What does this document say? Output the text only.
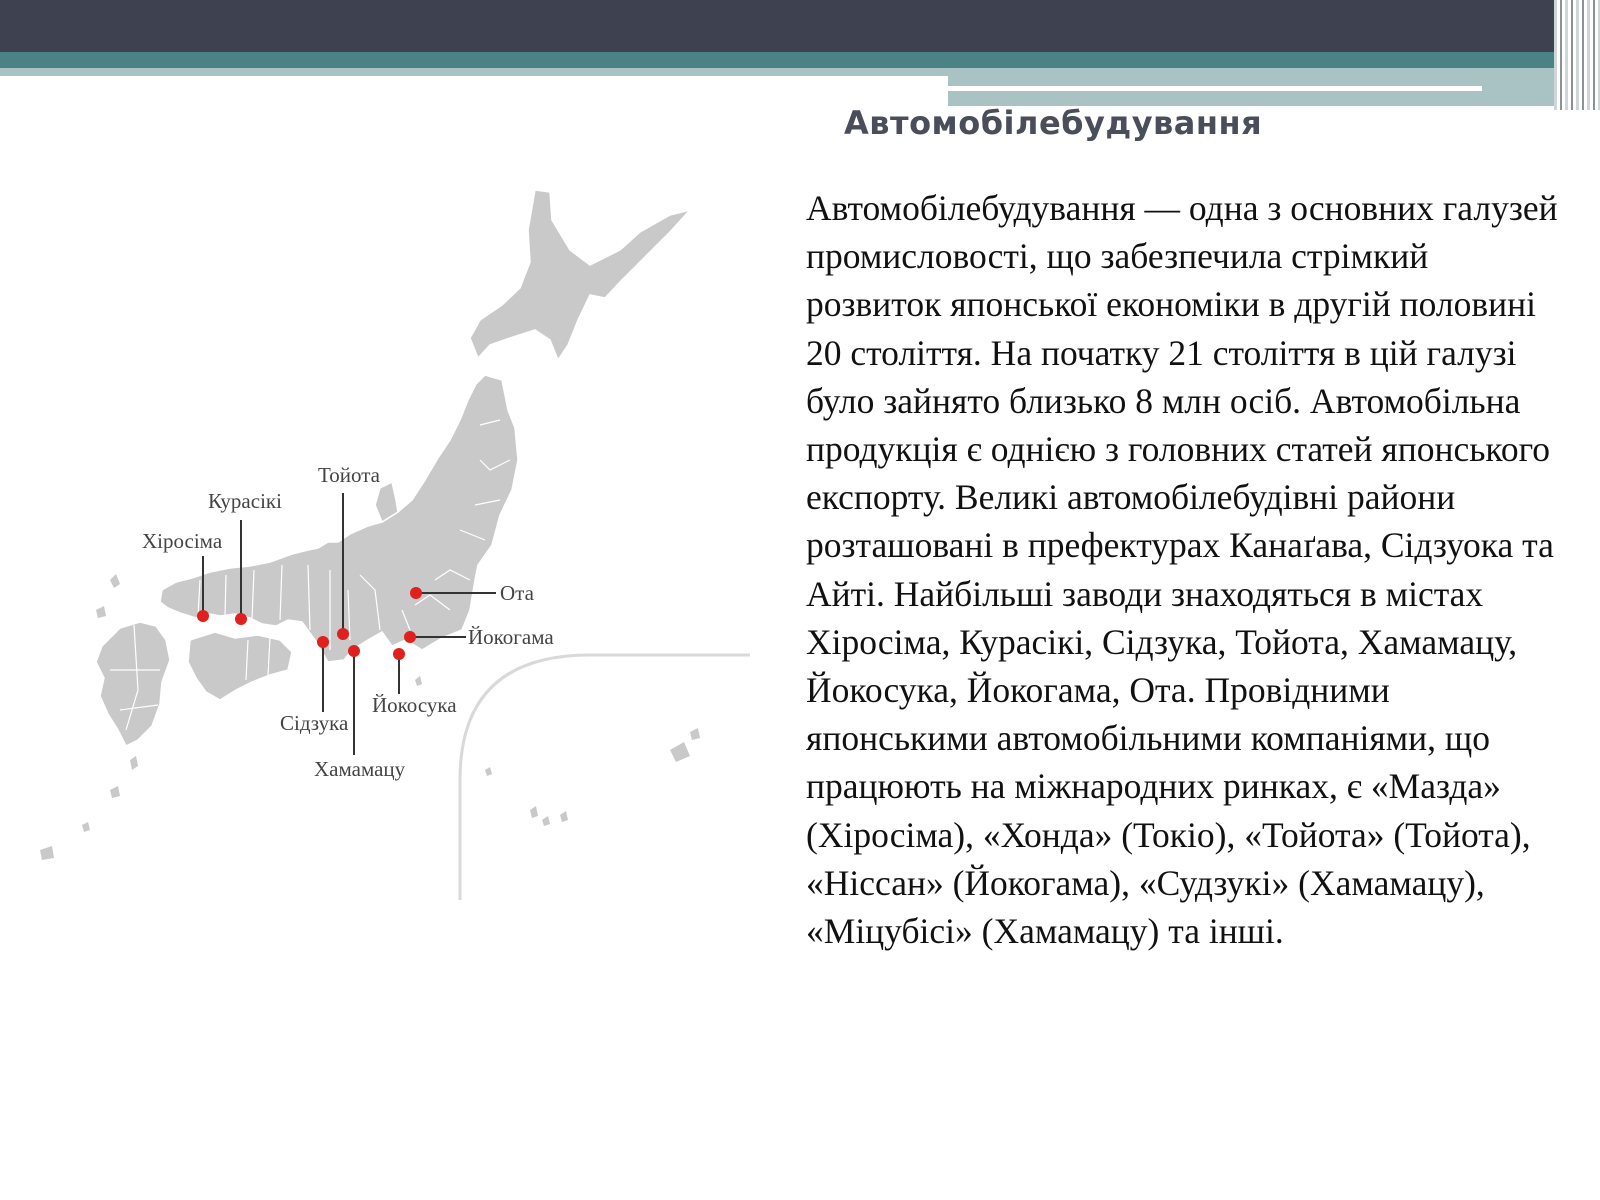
Автомобілебудування

Автомобілебудування — одна з основних галузей промисловості, що забезпечила стрімкий розвиток японської економіки в другій половині 20 століття. На початку 21 століття в цій галузі було зайнято близько 8 млн осіб. Автомобільна продукція є однією з головних статей японського експорту. Великі автомобілебудівні райони розташовані в префектурах Канаґава, Сідзуока та Айті. Найбільші заводи знаходяться в містах Хіросіма, Курасікі, Сідзука, Тойота, Хамамацу, Йокосука, Йокогама, Ота. Провідними японськими автомобільними компаніями, що працюють на міжнародних ринках, є «Мазда» (Хіросіма), «Хонда» (Токіо), «Тойота» (Тойота), «Ніссан» (Йокогама), «Судзукі» (Хамамацу), «Міцубісі» (Хамамацу) та інші.

Хіросіма
Курасікі
Тойота
Ота
Йокогама
Йокосука
Сідзука
Хамамацу
